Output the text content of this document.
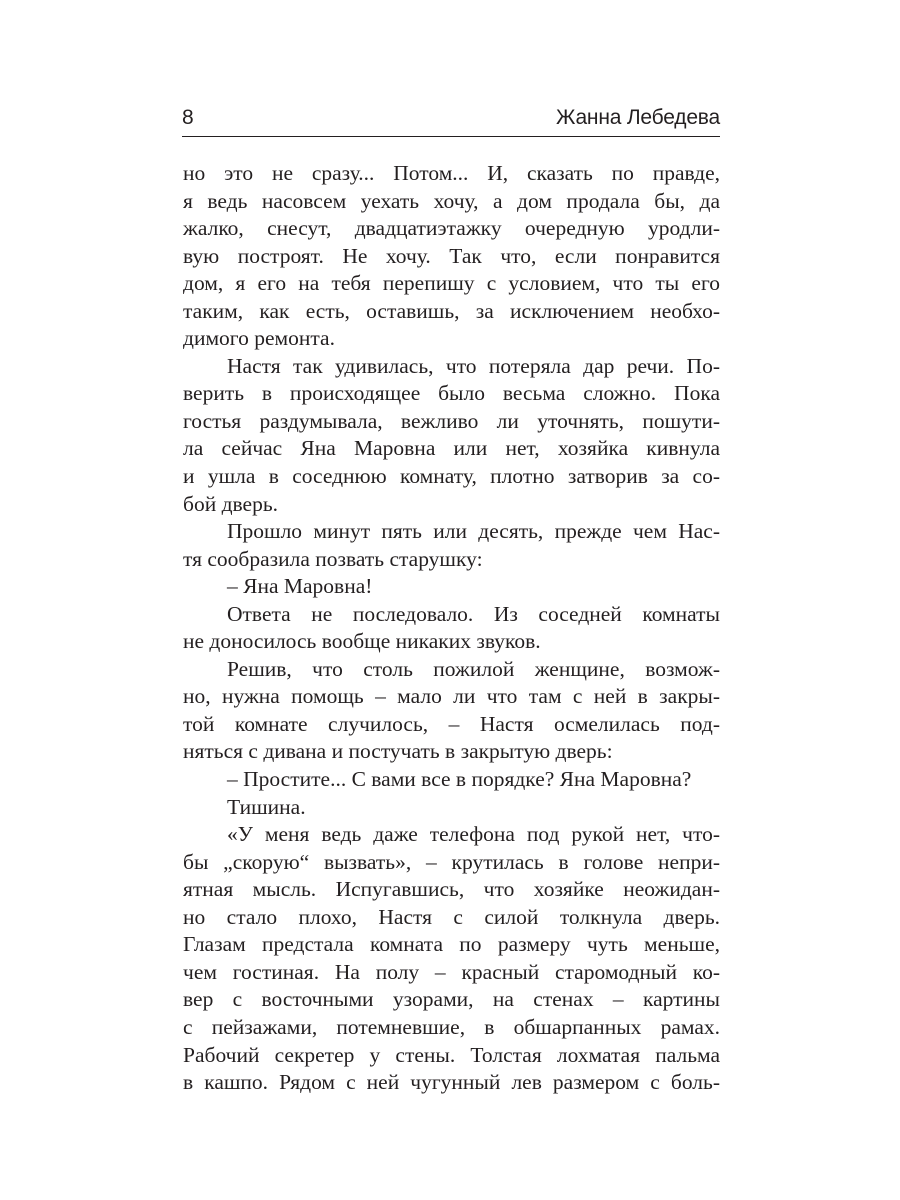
8	Жанна Лебедева
но это не сразу... Потом... И, сказать по правде,
я ведь насовсем уехать хочу, а дом продала бы, да
жалко, снесут, двадцатиэтажку очередную уродли-
вую построят. Не хочу. Так что, если понравится
дом, я его на тебя перепишу с условием, что ты его
таким, как есть, оставишь, за исключением необхо-
димого ремонта.
Настя так удивилась, что потеряла дар речи. По-
верить в происходящее было весьма сложно. Пока
гостья раздумывала, вежливо ли уточнять, пошути-
ла сейчас Яна Маровна или нет, хозяйка кивнула
и ушла в соседнюю комнату, плотно затворив за со-
бой дверь.
Прошло минут пять или десять, прежде чем Нас-
тя сообразила позвать старушку:
– Яна Маровна!
Ответа не последовало. Из соседней комнаты
не доносилось вообще никаких звуков.
Решив, что столь пожилой женщине, возмож-
но, нужна помощь – мало ли что там с ней в закры-
той комнате случилось, – Настя осмелилась под-
няться с дивана и постучать в закрытую дверь:
– Простите... С вами все в порядке? Яна Маровна?
Тишина.
«У меня ведь даже телефона под рукой нет, что-
бы „скорую“ вызвать», – крутилась в голове непри-
ятная мысль. Испугавшись, что хозяйке неожидан-
но стало плохо, Настя с силой толкнула дверь.
Глазам предстала комната по размеру чуть меньше,
чем гостиная. На полу – красный старомодный ко-
вер с восточными узорами, на стенах – картины
с пейзажами, потемневшие, в обшарпанных рамах.
Рабочий секретер у стены. Толстая лохматая пальма
в кашпо. Рядом с ней чугунный лев размером с боль-
